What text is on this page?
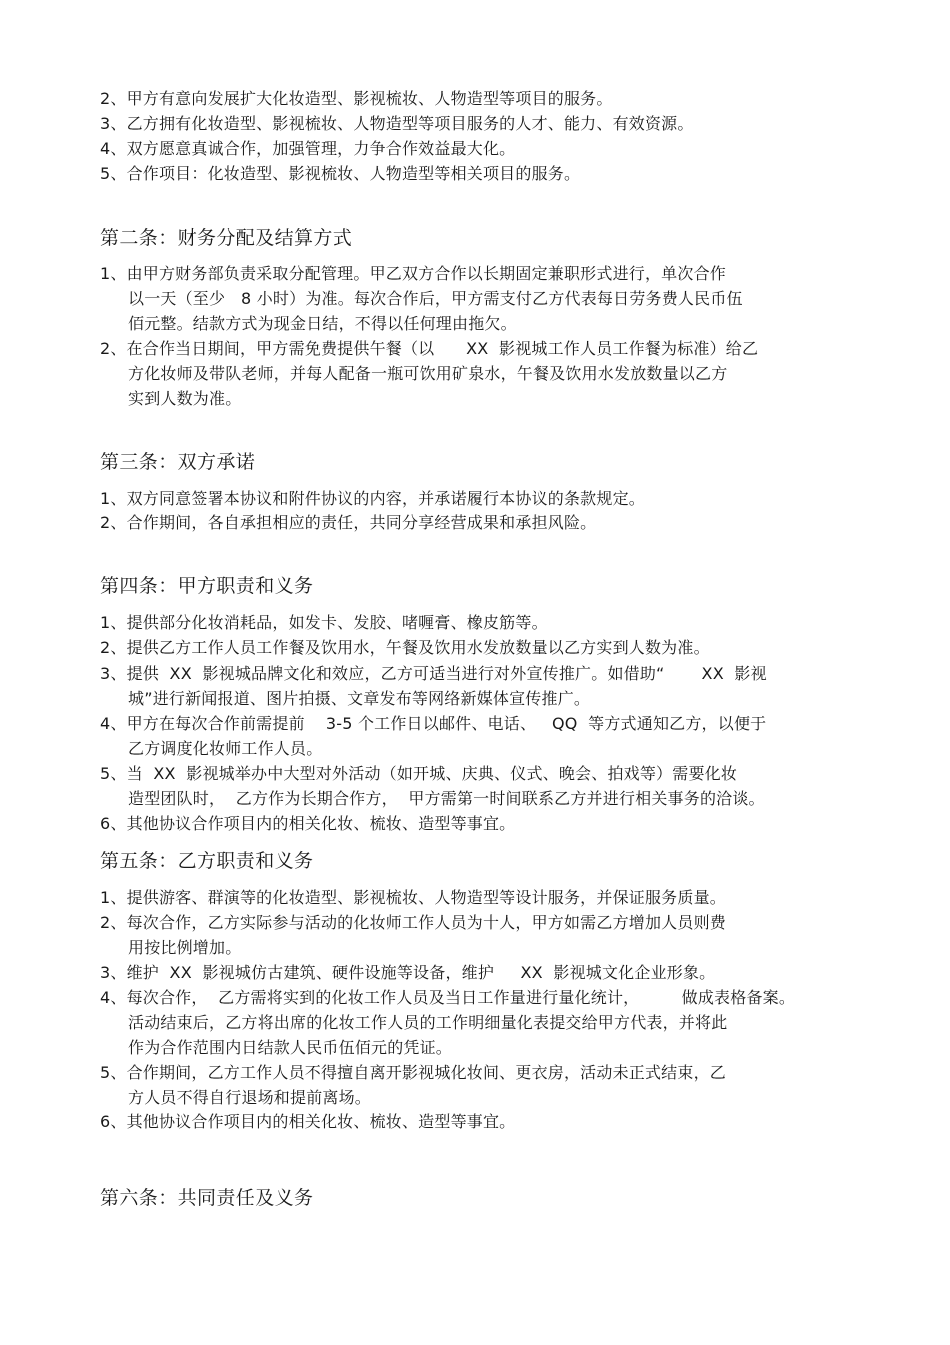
2、甲方有意向发展扩大化妆造型、影视梳妆、人物造型等项目的服务。
3、乙方拥有化妆造型、影视梳妆、人物造型等项目服务的人才、能力、有效资源。
4、双方愿意真诚合作，加强管理，力争合作效益最大化。
5、合作项目：化妆造型、影视梳妆、人物造型等相关项目的服务。
第二条：财务分配及结算方式
1、由甲方财务部负责采取分配管理。甲乙双方合作以长期固定兼职形式进行，单次合作
以一天（至少   8 小时）为准。每次合作后，甲方需支付乙方代表每日劳务费人民币伍
佰元整。结款方式为现金日结，不得以任何理由拖欠。
2、在合作当日期间，甲方需免费提供午餐（以      XX  影视城工作人员工作餐为标准）给乙
方化妆师及带队老师，并每人配备一瓶可饮用矿泉水，午餐及饮用水发放数量以乙方
实到人数为准。
第三条：双方承诺
1、双方同意签署本协议和附件协议的内容，并承诺履行本协议的条款规定。
2、合作期间，各自承担相应的责任，共同分享经营成果和承担风险。
第四条：甲方职责和义务
1、提供部分化妆消耗品，如发卡、发胶、啫喱膏、橡皮筋等。
2、提供乙方工作人员工作餐及饮用水，午餐及饮用水发放数量以乙方实到人数为准。
3、提供  XX  影视城品牌文化和效应，乙方可适当进行对外宣传推广。如借助“       XX  影视
城”进行新闻报道、图片拍摄、文章发布等网络新媒体宣传推广。
4、甲方在每次合作前需提前    3-5 个工作日以邮件、电话、   QQ  等方式通知乙方，以便于
乙方调度化妆师工作人员。
5、当  XX  影视城举办中大型对外活动（如开城、庆典、仪式、晚会、拍戏等）需要化妆
造型团队时，  乙方作为长期合作方，  甲方需第一时间联系乙方并进行相关事务的洽谈。
6、其他协议合作项目内的相关化妆、梳妆、造型等事宜。
第五条：乙方职责和义务
1、提供游客、群演等的化妆造型、影视梳妆、人物造型等设计服务，并保证服务质量。
2、每次合作，乙方实际参与活动的化妆师工作人员为十人，甲方如需乙方增加人员则费
用按比例增加。
3、维护  XX  影视城仿古建筑、硬件设施等设备，维护     XX  影视城文化企业形象。
4、每次合作，  乙方需将实到的化妆工作人员及当日工作量进行量化统计，        做成表格备案。
活动结束后，乙方将出席的化妆工作人员的工作明细量化表提交给甲方代表，并将此
作为合作范围内日结款人民币伍佰元的凭证。
5、合作期间，乙方工作人员不得擅自离开影视城化妆间、更衣房，活动未正式结束，乙
方人员不得自行退场和提前离场。
6、其他协议合作项目内的相关化妆、梳妆、造型等事宜。
第六条：共同责任及义务
